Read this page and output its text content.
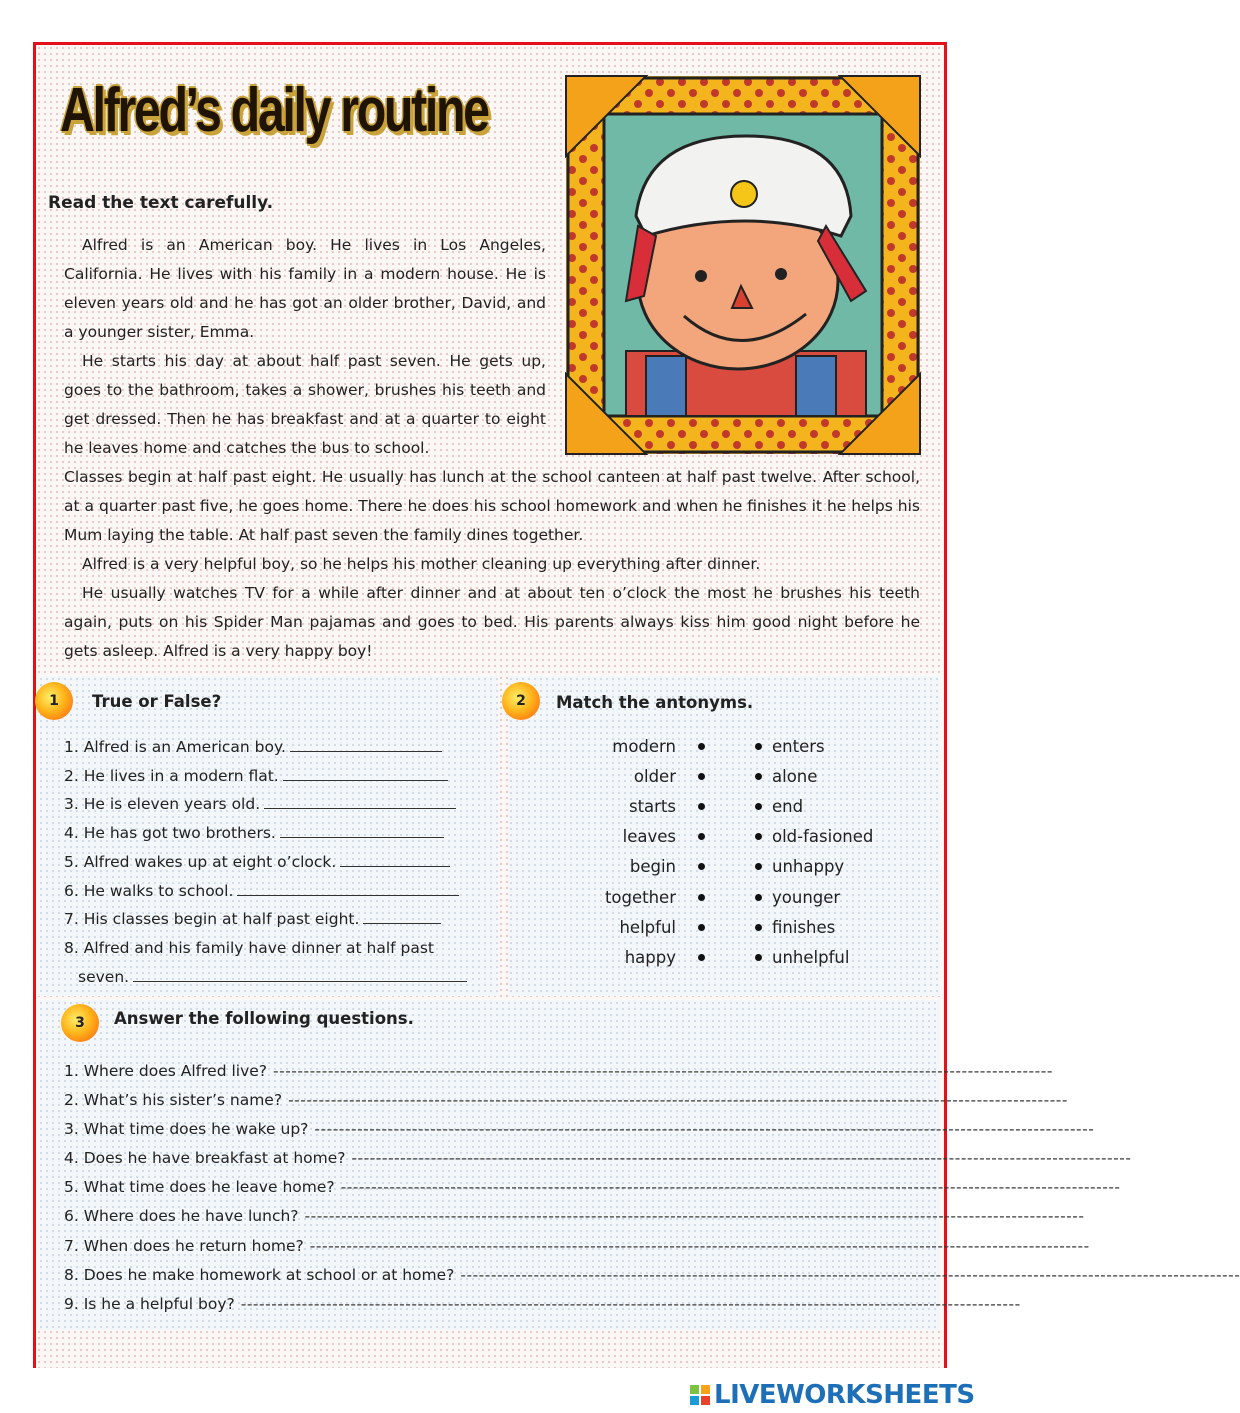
Alfred’s daily routine

Read the text carefully.

Alfred is an American boy. He lives in Los Angeles, California. He lives with his family in a modern house. He is eleven years old and he has got an older brother, David, and a younger sister, Emma.

He starts his day at about half past seven. He gets up, goes to the bathroom, takes a shower, brushes his teeth and get dressed. Then he has breakfast and at a quarter to eight he leaves home and catches the bus to school.

Classes begin at half past eight. He usually has lunch at the school canteen at half past twelve. After school, at a quarter past five, he goes home. There he does his school homework and when he finishes it he helps his Mum laying the table. At half past seven the family dines together.

Alfred is a very helpful boy, so he helps his mother cleaning up everything after dinner.

He usually watches TV for a while after dinner and at about ten o’clock the most he brushes his teeth again, puts on his Spider Man pajamas and goes to bed. His parents always kiss him good night before he gets asleep. Alfred is a very happy boy!

1 True or False?

1. Alfred is an American boy.
2. He lives in a modern flat.
3. He is eleven years old.
4. He has got two brothers.
5. Alfred wakes up at eight o’clock.
6. He walks to school.
7. His classes begin at half past eight.
8. Alfred and his family have dinner at half past
seven.
2 Match the antonyms.

modern	enters
older	alone
starts	end
leaves	old-fasioned
begin	unhappy
together	younger
helpful	finishes
happy	unhelpful
3 Answer the following questions.

1. Where does Alfred live? --------------------------------------------------------------------------------------------------------------------------------
2. What’s his sister’s name? --------------------------------------------------------------------------------------------------------------------------------
3. What time does he wake up? --------------------------------------------------------------------------------------------------------------------------------
4. Does he have breakfast at home? --------------------------------------------------------------------------------------------------------------------------------
5. What time does he leave home? --------------------------------------------------------------------------------------------------------------------------------
6. Where does he have lunch? --------------------------------------------------------------------------------------------------------------------------------
7. When does he return home? --------------------------------------------------------------------------------------------------------------------------------
8. Does he make homework at school or at home? --------------------------------------------------------------------------------------------------------------------------------
9. Is he a helpful boy? --------------------------------------------------------------------------------------------------------------------------------
LIVEWORKSHEETS
